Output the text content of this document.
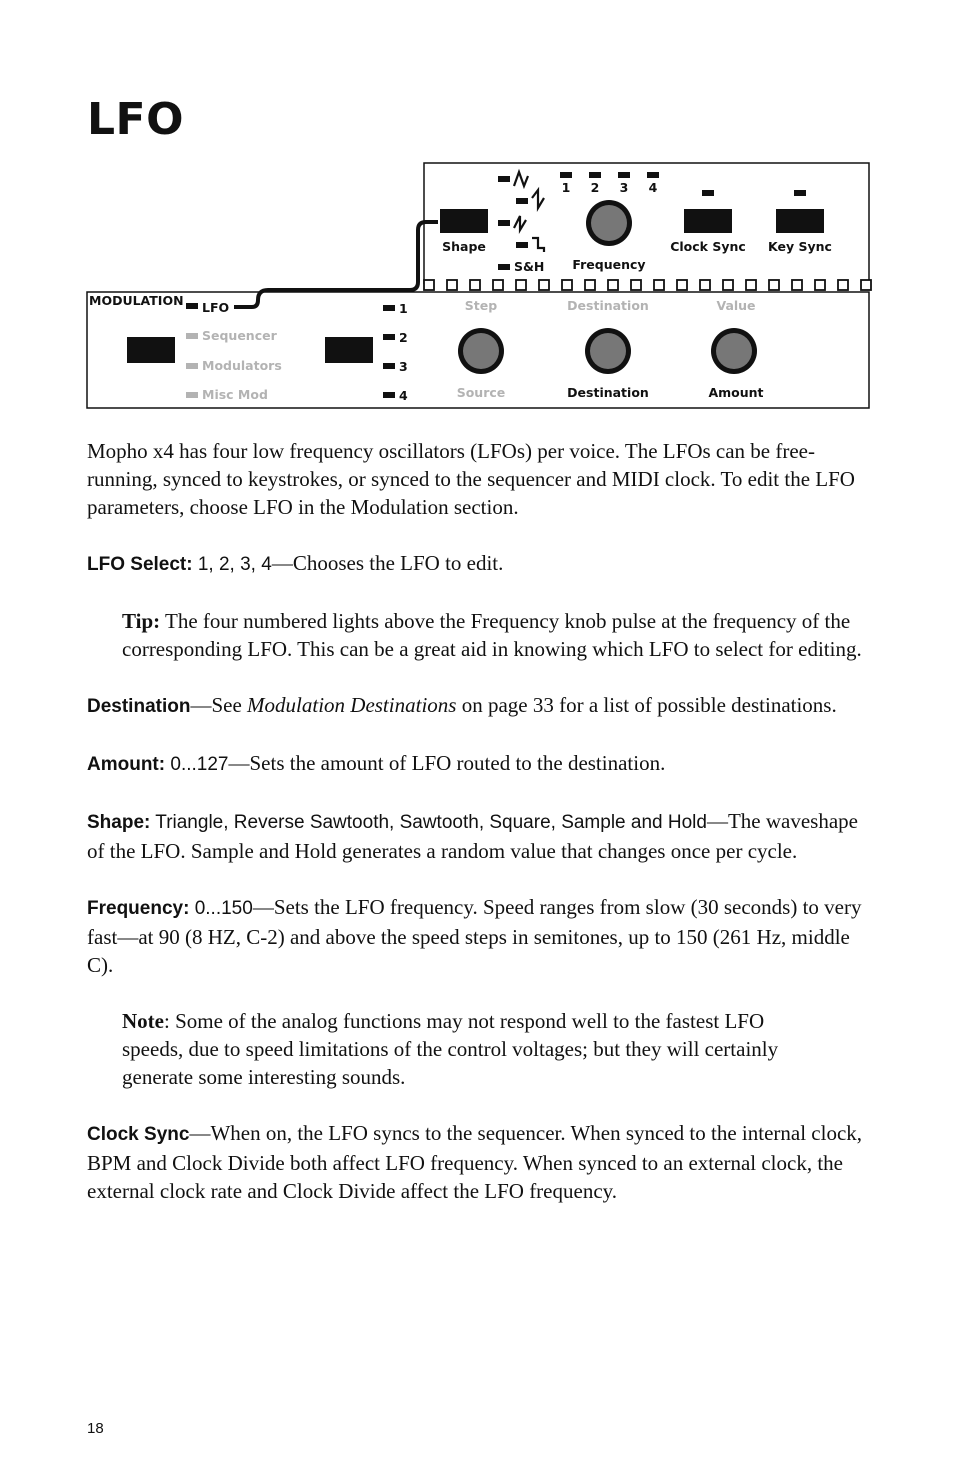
LFO
MODULATION LFO
Sequencer
Modulators
Misc Mod
1
2
3
4
Shape
S&H
1 2 3 4
Frequency
Clock Sync Key Sync
Step	Destination	Value
Source	Destination	Amount

Mopho x4 has four low frequency oscillators (LFOs) per voice. The LFOs can be free-running, synced to keystrokes, or synced to the sequencer and MIDI clock. To edit the LFO parameters, choose LFO in the Modulation section.

LFO Select: 1, 2, 3, 4—Chooses the LFO to edit.

Tip: The four numbered lights above the Frequency knob pulse at the frequency of the corresponding LFO. This can be a great aid in knowing which LFO to select for editing.

Destination—See Modulation Destinations on page 33 for a list of possible destinations.

Amount: 0...127—Sets the amount of LFO routed to the destination.

Shape: Triangle, Reverse Sawtooth, Sawtooth, Square, Sample and Hold—The waveshape of the LFO. Sample and Hold generates a random value that changes once per cycle.

Frequency: 0...150—Sets the LFO frequency. Speed ranges from slow (30 seconds) to very fast—at 90 (8 HZ, C-2) and above the speed steps in semitones, up to 150 (261 Hz, middle C).

Note: Some of the analog functions may not respond well to the fastest LFO speeds, due to speed limitations of the control voltages; but they will certainly generate some interesting sounds.

Clock Sync—When on, the LFO syncs to the sequencer. When synced to the internal clock, BPM and Clock Divide both affect LFO frequency. When synced to an external clock, the external clock rate and Clock Divide affect the LFO frequency.

18
